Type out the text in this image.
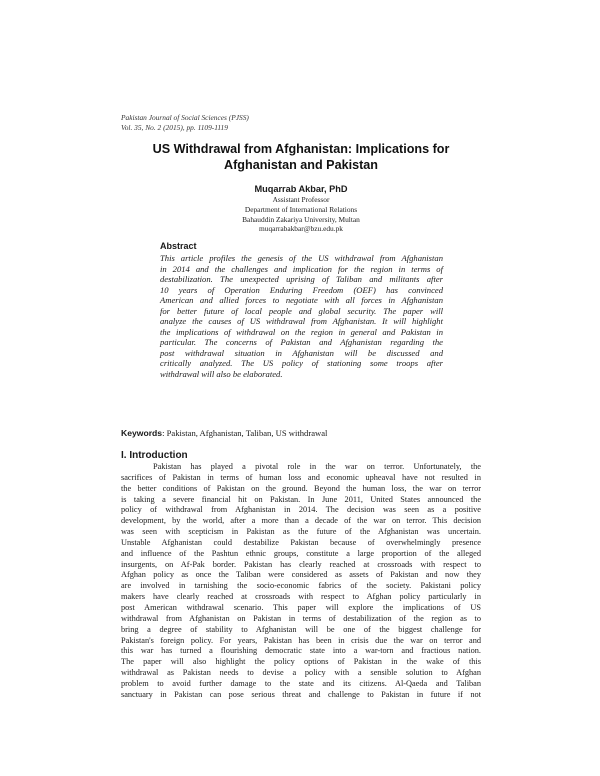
Pakistan Journal of Social Sciences (PJSS)
Vol. 35, No. 2 (2015), pp. 1109-1119
US Withdrawal from Afghanistan: Implications for
Afghanistan and Pakistan
Muqarrab Akbar, PhD
Assistant Professor
Department of International Relations
Bahauddin Zakariya University, Multan
muqarrabakbar@bzu.edu.pk
Abstract
This article profiles the genesis of the US withdrawal from Afghanistan
in 2014 and the challenges and implication for the region in terms of
destabilization. The unexpected uprising of Taliban and militants after
10 years of Operation Enduring Freedom (OEF) has convinced
American and allied forces to negotiate with all forces in Afghanistan
for better future of local people and global security. The paper will
analyze the causes of US withdrawal from Afghanistan. It will highlight
the implications of withdrawal on the region in general and Pakistan in
particular. The concerns of Pakistan and Afghanistan regarding the
post withdrawal situation in Afghanistan will be discussed and
critically analyzed. The US policy of stationing some troops after
withdrawal will also be elaborated.
Keywords: Pakistan, Afghanistan, Taliban, US withdrawal
I. Introduction
Pakistan has played a pivotal role in the war on terror. Unfortunately, the
sacrifices of Pakistan in terms of human loss and economic upheaval have not resulted in
the better conditions of Pakistan on the ground. Beyond the human loss, the war on terror
is taking a severe financial hit on Pakistan. In June 2011, United States announced the
policy of withdrawal from Afghanistan in 2014. The decision was seen as a positive
development, by the world, after a more than a decade of the war on terror. This decision
was seen with scepticism in Pakistan as the future of the Afghanistan was uncertain.
Unstable Afghanistan could destabilize Pakistan because of overwhelmingly presence
and influence of the Pashtun ethnic groups, constitute a large proportion of the alleged
insurgents, on Af-Pak border. Pakistan has clearly reached at crossroads with respect to
Afghan policy as once the Taliban were considered as assets of Pakistan and now they
are involved in tarnishing the socio-economic fabrics of the society. Pakistani policy
makers have clearly reached at crossroads with respect to Afghan policy particularly in
post American withdrawal scenario. This paper will explore the implications of US
withdrawal from Afghanistan on Pakistan in terms of destabilization of the region as to
bring a degree of stability to Afghanistan will be one of the biggest challenge for
Pakistan's foreign policy. For years, Pakistan has been in crisis due the war on terror and
this war has turned a flourishing democratic state into a war-torn and fractious nation.
The paper will also highlight the policy options of Pakistan in the wake of this
withdrawal as Pakistan needs to devise a policy with a sensible solution to Afghan
problem to avoid further damage to the state and its citizens. Al-Qaeda and Taliban
sanctuary in Pakistan can pose serious threat and challenge to Pakistan in future if not
